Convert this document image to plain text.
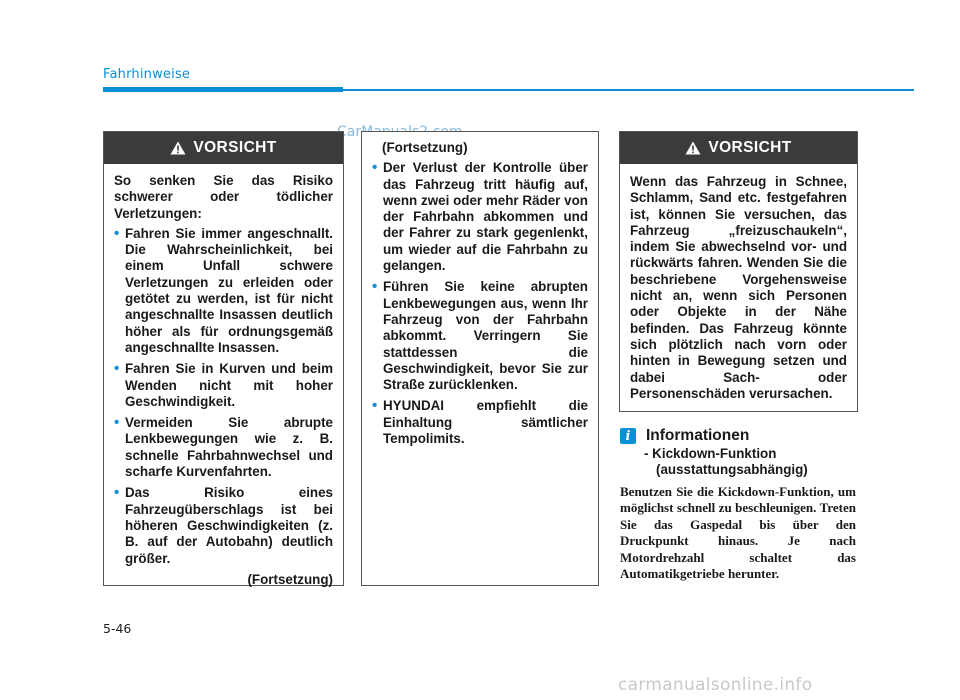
Fahrhinweise
VORSICHT
So senken Sie das Risiko schwerer oder tödlicher Verletzungen:
• Fahren Sie immer angeschnallt. Die Wahrscheinlichkeit, bei einem Unfall schwere Verletzungen zu erleiden oder getötet zu werden, ist für nicht angeschnallte Insassen deutlich höher als für ordnungsgemäß angeschnallte Insassen.
• Fahren Sie in Kurven und beim Wenden nicht mit hoher Geschwindigkeit.
• Vermeiden Sie abrupte Lenkbewegungen wie z. B. schnelle Fahrbahnwechsel und scharfe Kurvenfahrten.
• Das Risiko eines Fahrzeugüberschlags ist bei höheren Geschwindigkeiten (z. B. auf der Autobahn) deutlich größer.
(Fortsetzung)
(Fortsetzung)
• Der Verlust der Kontrolle über das Fahrzeug tritt häufig auf, wenn zwei oder mehr Räder von der Fahrbahn abkommen und der Fahrer zu stark gegenlenkt, um wieder auf die Fahrbahn zu gelangen.
• Führen Sie keine abrupten Lenkbewegungen aus, wenn Ihr Fahrzeug von der Fahrbahn abkommt. Verringern Sie stattdessen die Geschwindigkeit, bevor Sie zur Straße zurücklenken.
• HYUNDAI empfiehlt die Einhaltung sämtlicher Tempolimits.
VORSICHT
Wenn das Fahrzeug in Schnee, Schlamm, Sand etc. festgefahren ist, können Sie versuchen, das Fahrzeug „freizuschaukeln“, indem Sie abwechselnd vor- und rückwärts fahren. Wenden Sie die beschriebene Vorgehensweise nicht an, wenn sich Personen oder Objekte in der Nähe befinden. Das Fahrzeug könnte sich plötzlich nach vorn oder hinten in Bewegung setzen und dabei Sach- oder Personenschäden verursachen.
i	Informationen
- Kickdown-Funktion
(ausstattungsabhängig)
Benutzen Sie die Kickdown-Funktion, um möglichst schnell zu beschleunigen. Treten Sie das Gaspedal bis über den Druckpunkt hinaus. Je nach Motordrehzahl schaltet das Automatikgetriebe herunter.
5-46
carmanualsonline.info
